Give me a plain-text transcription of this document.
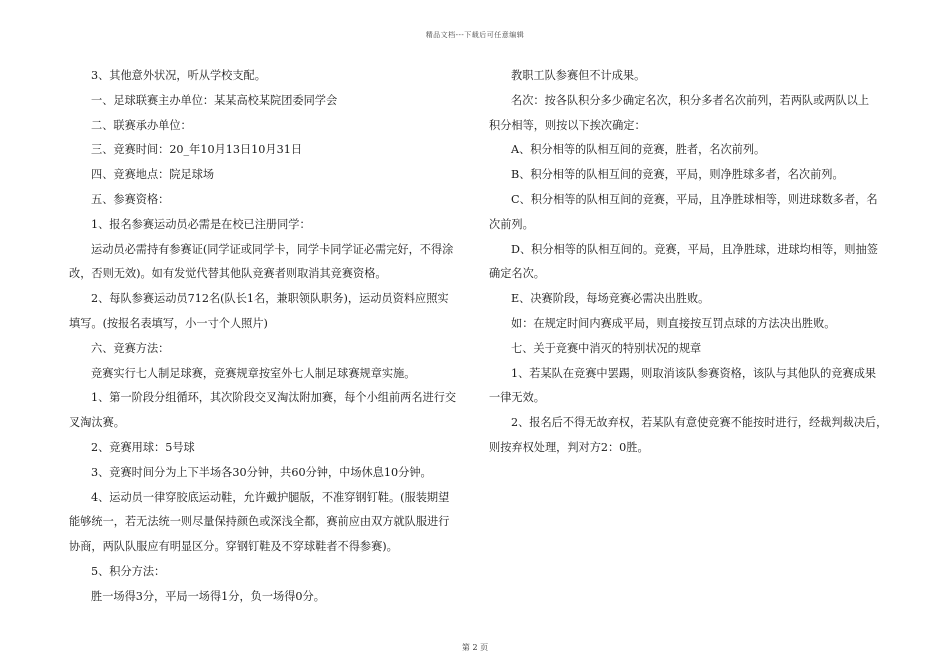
精品文档---下载后可任意编辑

3、其他意外状况，听从学校支配。

一、足球联赛主办单位：某某高校某院团委同学会

二、联赛承办单位：

三、竞赛时间：20_年10月13日10月31日

四、竞赛地点：院足球场

五、参赛资格：

1、报名参赛运动员必需是在校已注册同学：

运动员必需持有参赛证(同学证或同学卡，同学卡同学证必需完好，不得涂

改，否则无效)。如有发觉代替其他队竞赛者则取消其竞赛资格。

2、每队参赛运动员712名(队长1名，兼职领队职务)，运动员资料应照实

填写。(按报名表填写，小一寸个人照片)

六、竞赛方法：

竞赛实行七人制足球赛，竞赛规章按室外七人制足球赛规章实施。

1、第一阶段分组循环，其次阶段交叉淘汰附加赛，每个小组前两名进行交

叉淘汰赛。

2、竞赛用球：5号球

3、竞赛时间分为上下半场各30分钟，共60分钟，中场休息10分钟。

4、运动员一律穿胶底运动鞋，允许戴护腿版，不准穿钢钉鞋。(服装期望

能够统一，若无法统一则尽量保持颜色或深浅全都，赛前应由双方就队服进行

协商，两队队服应有明显区分。穿钢钉鞋及不穿球鞋者不得参赛)。

5、积分方法：

胜一场得3分，平局一场得1分，负一场得0分。

教职工队参赛但不计成果。

名次：按各队积分多少确定名次，积分多者名次前列，若两队或两队以上

积分相等，则按以下挨次确定：

A、积分相等的队相互间的竞赛，胜者，名次前列。

B、积分相等的队相互间的竞赛，平局，则净胜球多者，名次前列。

C、积分相等的队相互间的竞赛，平局，且净胜球相等，则进球数多者，名

次前列。

D、积分相等的队相互间的。竞赛，平局，且净胜球，进球均相等，则抽签

确定名次。

E、决赛阶段，每场竞赛必需决出胜败。

如：在规定时间内赛成平局，则直接按互罚点球的方法决出胜败。

七、关于竞赛中消灭的特别状况的规章

1、若某队在竞赛中罢踢，则取消该队参赛资格，该队与其他队的竞赛成果

一律无效。

2、报名后不得无故弃权，若某队有意使竞赛不能按时进行，经裁判裁决后，

则按弃权处理，判对方2：0胜。

第 2 页
